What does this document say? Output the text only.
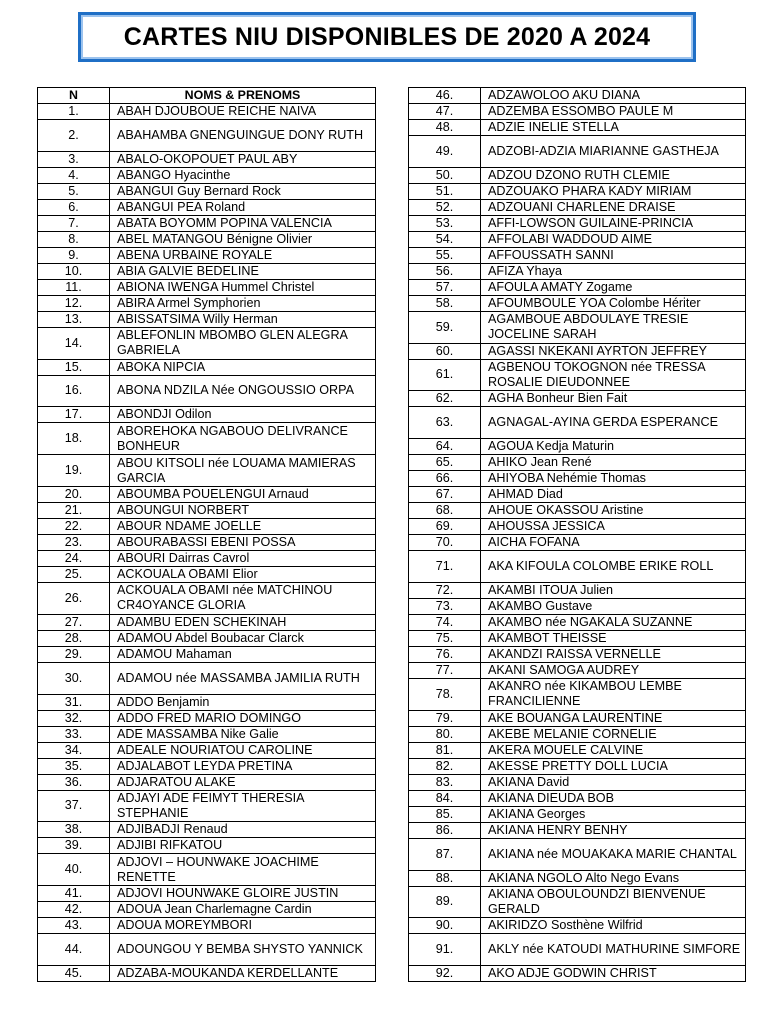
CARTES NIU DISPONIBLES DE 2020 A 2024
N	NOMS & PRENOMS
1.	ABAH DJOUBOUE REICHE NAIVA
2.	ABAHAMBA GNENGUINGUE DONY RUTH
3.	ABALO-OKOPOUET PAUL ABY
4.	ABANGO Hyacinthe
5.	ABANGUI Guy Bernard Rock
6.	ABANGUI PEA Roland
7.	ABATA BOYOMM POPINA VALENCIA
8.	ABEL MATANGOU Bénigne Olivier
9.	ABENA URBAINE ROYALE
10.	ABIA GALVIE BEDELINE
11.	ABIONA IWENGA Hummel Christel
12.	ABIRA Armel Symphorien
13.	ABISSATSIMA Willy Herman
14.	ABLEFONLIN MBOMBO GLEN ALEGRA GABRIELA
15.	ABOKA NIPCIA
16.	ABONA NDZILA Née ONGOUSSIO ORPA
17.	ABONDJI Odilon
18.	ABOREHOKA NGABOUO DELIVRANCE BONHEUR
19.	ABOU KITSOLI née LOUAMA MAMIERAS GARCIA
20.	ABOUMBA POUELENGUI Arnaud
21.	ABOUNGUI NORBERT
22.	ABOUR NDAME JOELLE
23.	ABOURABASSI EBENI POSSA
24.	ABOURI Dairras Cavrol
25.	ACKOUALA OBAMI Elior
26.	ACKOUALA OBAMI née MATCHINOU CR4OYANCE GLORIA
27.	ADAMBU EDEN SCHEKINAH
28.	ADAMOU Abdel Boubacar Clarck
29.	ADAMOU Mahaman
30.	ADAMOU née MASSAMBA JAMILIA RUTH
31.	ADDO Benjamin
32.	ADDO FRED MARIO DOMINGO
33.	ADE MASSAMBA Nike Galie
34.	ADEALE NOURIATOU CAROLINE
35.	ADJALABOT LEYDA PRETINA
36.	ADJARATOU ALAKE
37.	ADJAYI ADE FEIMYT THERESIA STEPHANIE
38.	ADJIBADJI Renaud
39.	ADJIBI RIFKATOU
40.	ADJOVI – HOUNWAKE JOACHIME RENETTE
41.	ADJOVI HOUNWAKE GLOIRE JUSTIN
42.	ADOUA Jean Charlemagne Cardin
43.	ADOUA MOREYMBORI
44.	ADOUNGOU Y BEMBA SHYSTO YANNICK
45.	ADZABA-MOUKANDA KERDELLANTE
46.	ADZAWOLOO AKU DIANA
47.	ADZEMBA ESSOMBO PAULE M
48.	ADZIE INELIE STELLA
49.	ADZOBI-ADZIA MIARIANNE GASTHEJA
50.	ADZOU DZONO RUTH CLEMIE
51.	ADZOUAKO PHARA KADY MIRIAM
52.	ADZOUANI CHARLENE DRAISE
53.	AFFI-LOWSON GUILAINE-PRINCIA
54.	AFFOLABI WADDOUD AIME
55.	AFFOUSSATH SANNI
56.	AFIZA Yhaya
57.	AFOULA AMATY Zogame
58.	AFOUMBOULE YOA Colombe Hériter
59.	AGAMBOUE ABDOULAYE TRESIE JOCELINE SARAH
60.	AGASSI NKEKANI AYRTON JEFFREY
61.	AGBENOU TOKOGNON née TRESSA ROSALIE DIEUDONNEE
62.	AGHA Bonheur Bien Fait
63.	AGNAGAL-AYINA GERDA ESPERANCE
64.	AGOUA Kedja Maturin
65.	AHIKO Jean René
66.	AHIYOBA Nehémie Thomas
67.	AHMAD Diad
68.	AHOUE OKASSOU Aristine
69.	AHOUSSA JESSICA
70.	AICHA FOFANA
71.	AKA KIFOULA COLOMBE ERIKE ROLL
72.	AKAMBI ITOUA Julien
73.	AKAMBO Gustave
74.	AKAMBO née NGAKALA SUZANNE
75.	AKAMBOT THEISSE
76.	AKANDZI RAISSA VERNELLE
77.	AKANI SAMOGA AUDREY
78.	AKANRO née KIKAMBOU LEMBE FRANCILIENNE
79.	AKE BOUANGA LAURENTINE
80.	AKEBE MELANIE CORNELIE
81.	AKERA MOUELE CALVINE
82.	AKESSE PRETTY DOLL LUCIA
83.	AKIANA David
84.	AKIANA DIEUDA BOB
85.	AKIANA Georges
86.	AKIANA HENRY BENHY
87.	AKIANA née MOUAKAKA MARIE CHANTAL
88.	AKIANA NGOLO Alto Nego Evans
89.	AKIANA OBOULOUNDZI BIENVENUE GERALD
90.	AKIRIDZO Sosthène Wilfrid
91.	AKLY née KATOUDI MATHURINE SIMFORE
92.	AKO ADJE GODWIN CHRIST
